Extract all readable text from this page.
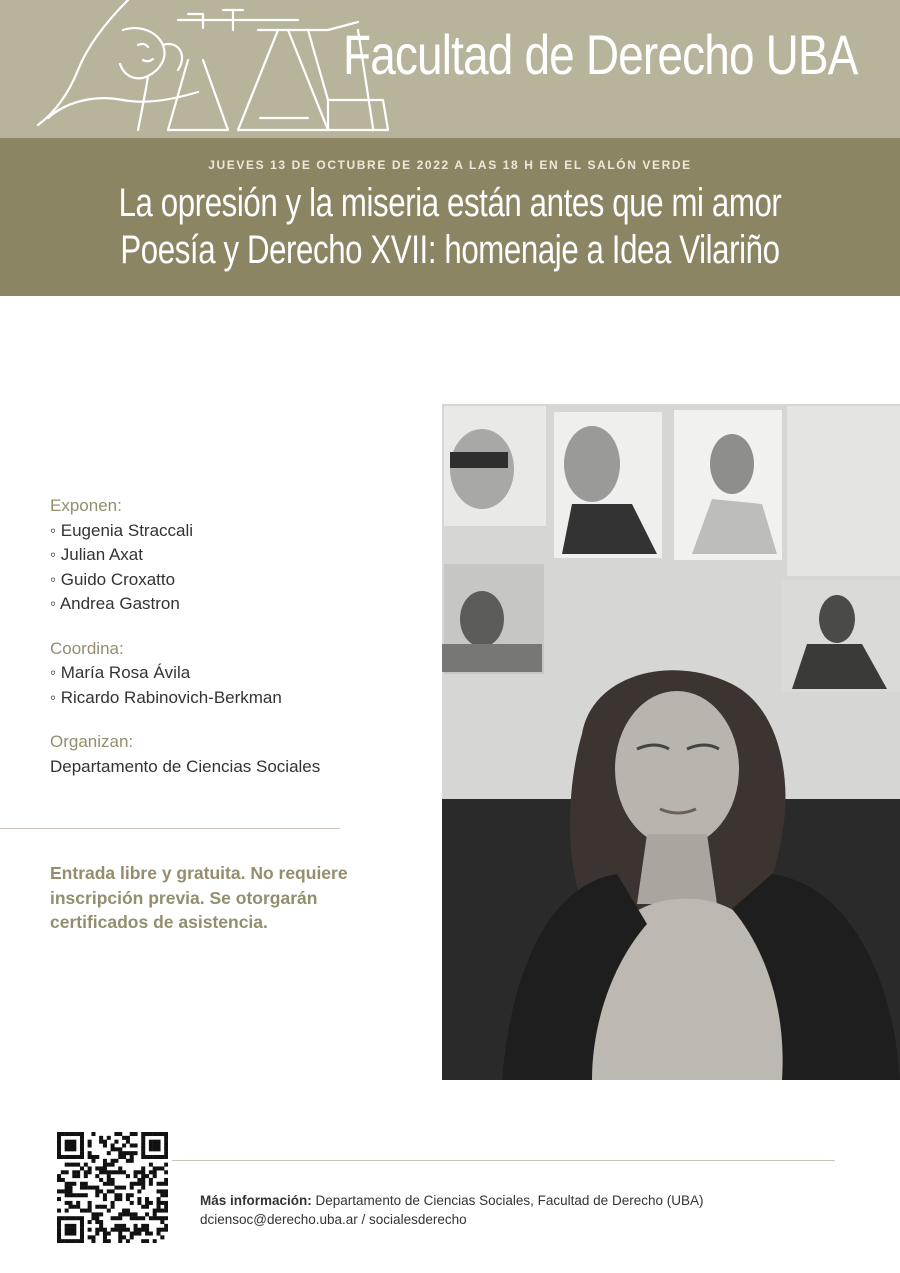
Facultad de Derecho UBA
JUEVES 13 DE OCTUBRE DE 2022 A LAS 18 H EN EL SALÓN VERDE
La opresión y la miseria están antes que mi amor
Poesía y Derecho XVII: homenaje a Idea Vilariño
Exponen:
◦ Eugenia Straccali
◦ Julian Axat
◦ Guido Croxatto
◦ Andrea Gastron
Coordina:
◦ María Rosa Ávila
◦ Ricardo Rabinovich-Berkman
Organizan:
Departamento de Ciencias Sociales
Entrada libre y gratuita. No requiere inscripción previa. Se otorgarán certificados de asistencia.
Más información: Departamento de Ciencias Sociales, Facultad de Derecho (UBA)
dciensoc@derecho.uba.ar / socialesderecho
